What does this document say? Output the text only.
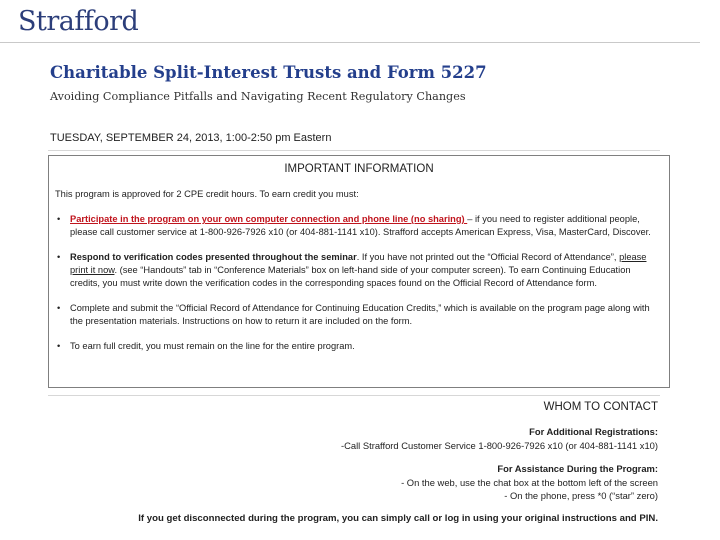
Strafford
Charitable Split-Interest Trusts and Form 5227
Avoiding Compliance Pitfalls and Navigating Recent Regulatory Changes
TUESDAY, SEPTEMBER 24, 2013, 1:00-2:50 pm Eastern
IMPORTANT INFORMATION
This program is approved for 2 CPE credit hours. To earn credit you must:
• Participate in the program on your own computer connection and phone line (no sharing) – if you need to register additional people, please call customer service at 1-800-926-7926 x10 (or 404-881-1141 x10). Strafford accepts American Express, Visa, MasterCard, Discover.
• Respond to verification codes presented throughout the seminar. If you have not printed out the “Official Record of Attendance”, please print it now. (see “Handouts” tab in “Conference Materials” box on left-hand side of your computer screen). To earn Continuing Education credits, you must write down the verification codes in the corresponding spaces found on the Official Record of Attendance form.
• Complete and submit the “Official Record of Attendance for Continuing Education Credits,” which is available on the program page along with the presentation materials. Instructions on how to return it are included on the form.
• To earn full credit, you must remain on the line for the entire program.
WHOM TO CONTACT
For Additional Registrations:
-Call Strafford Customer Service 1-800-926-7926 x10 (or 404-881-1141 x10)
For Assistance During the Program:
- On the web, use the chat box at the bottom left of the screen
- On the phone, press *0 (“star” zero)
If you get disconnected during the program, you can simply call or log in using your original instructions and PIN.
